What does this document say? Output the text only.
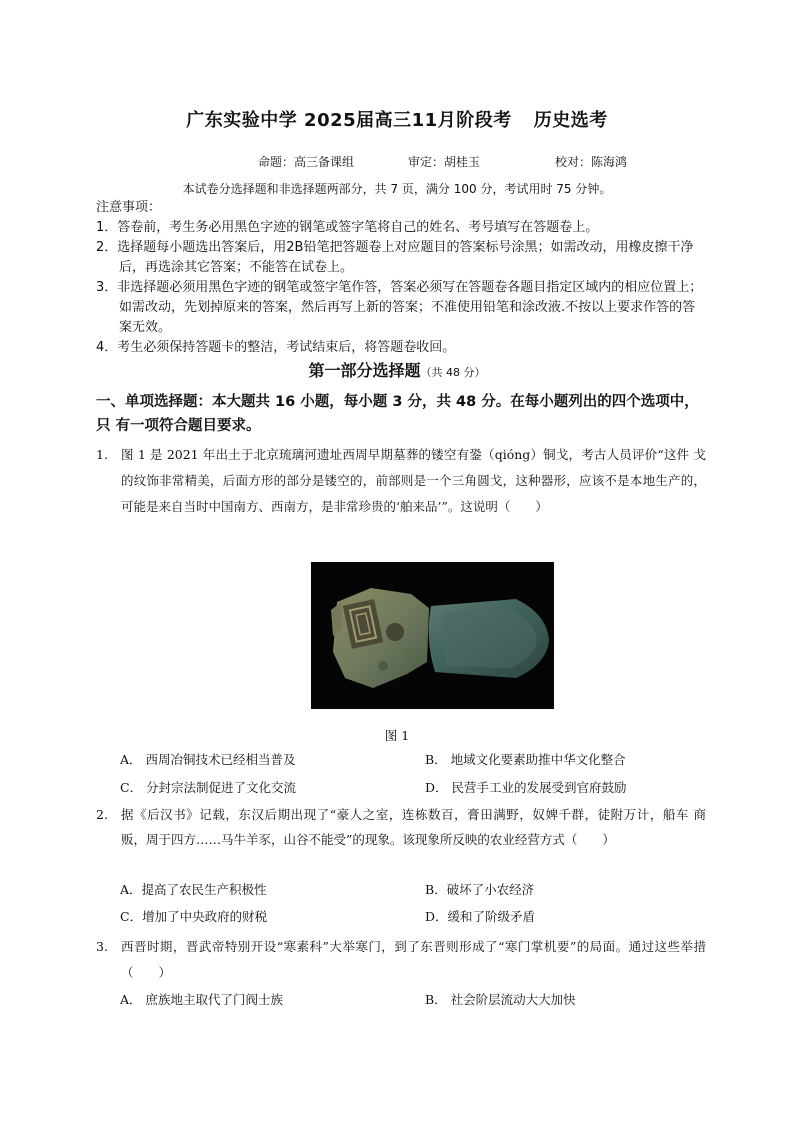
广东实验中学 2025届高三11月阶段考 历史选考
命题：高三备课组	审定：胡桂玉	校对：陈海鸿
本试卷分选择题和非选择题两部分，共 7 页，满分 100 分，考试用时 75 分钟。

注意事项：

1．答卷前，考生务必用黑色字迹的钢笔或签字笔将自己的姓名、考号填写在答题卷上。

2．选择题每小题选出答案后，用2B铅笔把答题卷上对应题目的答案标号涂黑；如需改动，用橡皮擦干净后，再选涂其它答案；不能答在试卷上。

3．非选择题必须用黑色字迹的钢笔或签字笔作答，答案必须写在答题卷各题目指定区域内的相应位置上；如需改动，先划掉原来的答案，然后再写上新的答案；不准使用铅笔和涂改液.不按以上要求作答的答案无效。

4．考生必须保持答题卡的整洁，考试结束后，将答题卷收回。

第一部分选择题（共 48 分）
一、单项选择题：本大题共 16 小题，每小题 3 分，共 48 分。在每小题列出的四个选项中，只 有一项符合题目要求。
1. 图 1 是 2021 年出土于北京琉璃河遗址西周早期墓葬的镂空有銎（qióng）铜戈，考古人员评价“这件 戈的纹饰非常精美，后面方形的部分是镂空的，前部则是一个三角圆戈，这种器形，应该不是本地生产的，可能是来自当时中国南方、西南方，是非常珍贵的‘舶来品’”。这说明（　　）
图 1
A． 西周冶铜技术已经相当普及	B． 地域文化要素助推中华文化整合
C． 分封宗法制促进了文化交流	D． 民营手工业的发展受到官府鼓励
2. 据《后汉书》记载，东汉后期出现了“豪人之室，连栋数百，膏田满野，奴婢千群，徒附万计，船车 商贩，周于四方……马牛羊豕，山谷不能受”的现象。该现象所反映的农业经营方式（　　）
A．提高了农民生产积极性	B．破坏了小农经济
C．增加了中央政府的财税	D．缓和了阶级矛盾
3. 西晋时期，晋武帝特别开设“寒素科”大举寒门，到了东晋则形成了“寒门掌机要”的局面。通过这些举措（　　）
A． 庶族地主取代了门阀士族	B． 社会阶层流动大大加快
